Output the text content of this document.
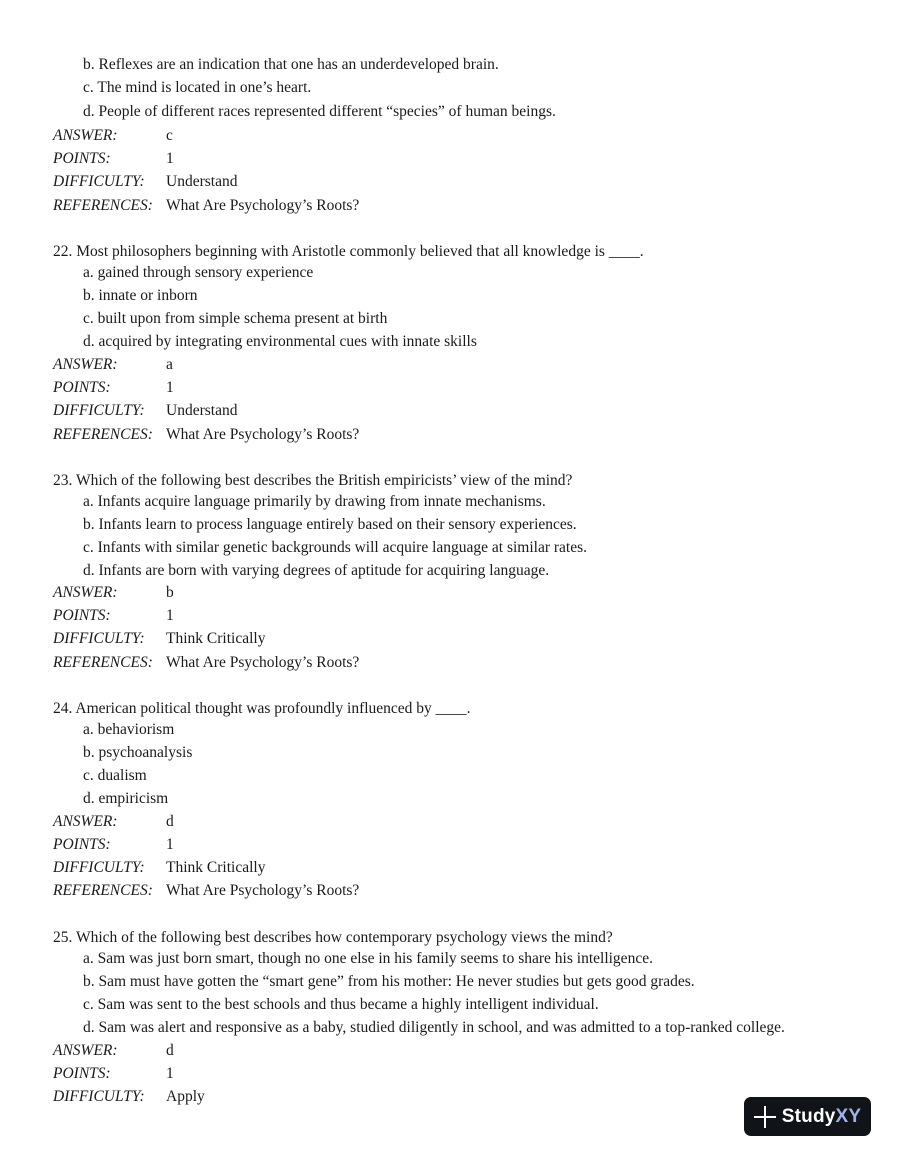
b. Reflexes are an indication that one has an underdeveloped brain.
c. The mind is located in one’s heart.
d. People of different races represented different “species” of human beings.
ANSWER:	c
POINTS:	1
DIFFICULTY: Understand
REFERENCES: What Are Psychology’s Roots?
22. Most philosophers beginning with Aristotle commonly believed that all knowledge is ____.
a. gained through sensory experience
b. innate or inborn
c. built upon from simple schema present at birth
d. acquired by integrating environmental cues with innate skills
ANSWER:	a
POINTS:	1
DIFFICULTY: Understand
REFERENCES: What Are Psychology’s Roots?
23. Which of the following best describes the British empiricists’ view of the mind?
a. Infants acquire language primarily by drawing from innate mechanisms.
b. Infants learn to process language entirely based on their sensory experiences.
c. Infants with similar genetic backgrounds will acquire language at similar rates.
d. Infants are born with varying degrees of aptitude for acquiring language.
ANSWER:	b
POINTS:	1
DIFFICULTY: Think Critically
REFERENCES: What Are Psychology’s Roots?
24. American political thought was profoundly influenced by ____.
a. behaviorism
b. psychoanalysis
c. dualism
d. empiricism
ANSWER:	d
POINTS:	1
DIFFICULTY: Think Critically
REFERENCES: What Are Psychology’s Roots?
25. Which of the following best describes how contemporary psychology views the mind?
a. Sam was just born smart, though no one else in his family seems to share his intelligence.
b. Sam must have gotten the “smart gene” from his mother: He never studies but gets good grades.
c. Sam was sent to the best schools and thus became a highly intelligent individual.
d. Sam was alert and responsive as a baby, studied diligently in school, and was admitted to a top-ranked college.
ANSWER:	d
POINTS:	1
DIFFICULTY: Apply
StudyXY
